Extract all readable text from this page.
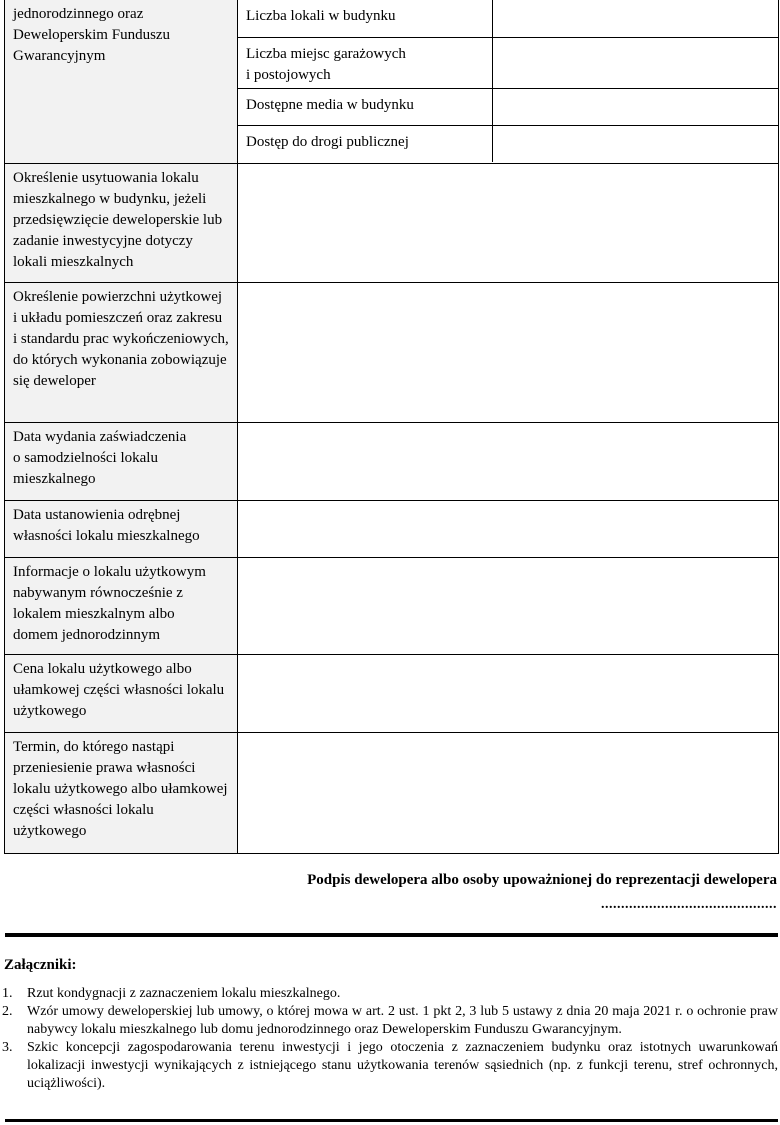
jednorodzinnego oraz Deweloperskim Funduszu Gwarancyjnym	
Liczba lokali w budynku	
Liczba miejsc garażowych i postojowych	
Dostępne media w budynku	
Dostęp do drogi publicznej	

Określenie usytuowania lokalu mieszkalnego w budynku, jeżeli przedsięwzięcie deweloperskie lub zadanie inwestycyjne dotyczy lokali mieszkalnych	
Określenie powierzchni użytkowej i układu pomieszczeń oraz zakresu i standardu prac wykończeniowych, do których wykonania zobowiązuje się deweloper	
Data wydania zaświadczenia o samodzielności lokalu mieszkalnego	
Data ustanowienia odrębnej własności lokalu mieszkalnego	
Informacje o lokalu użytkowym nabywanym równocześnie z lokalem mieszkalnym albo domem jednorodzinnym	
Cena lokalu użytkowego albo ułamkowej części własności lokalu użytkowego	
Termin, do którego nastąpi przeniesienie prawa własności lokalu użytkowego albo ułamkowej części własności lokalu użytkowego	
Podpis dewelopera albo osoby upoważnionej do reprezentacji dewelopera
............................................
Załączniki:
1.	Rzut kondygnacji z zaznaczeniem lokalu mieszkalnego.
2.	Wzór umowy deweloperskiej lub umowy, o której mowa w art. 2 ust. 1 pkt 2, 3 lub 5 ustawy z dnia 20 maja 2021 r. o ochronie praw nabywcy lokalu mieszkalnego lub domu jednorodzinnego oraz Deweloperskim Funduszu Gwarancyjnym.
3.	Szkic koncepcji zagospodarowania terenu inwestycji i jego otoczenia z zaznaczeniem budynku oraz istotnych uwarunkowań lokalizacji inwestycji wynikających z istniejącego stanu użytkowania terenów sąsiednich (np. z funkcji terenu, stref ochronnych, uciążliwości).
